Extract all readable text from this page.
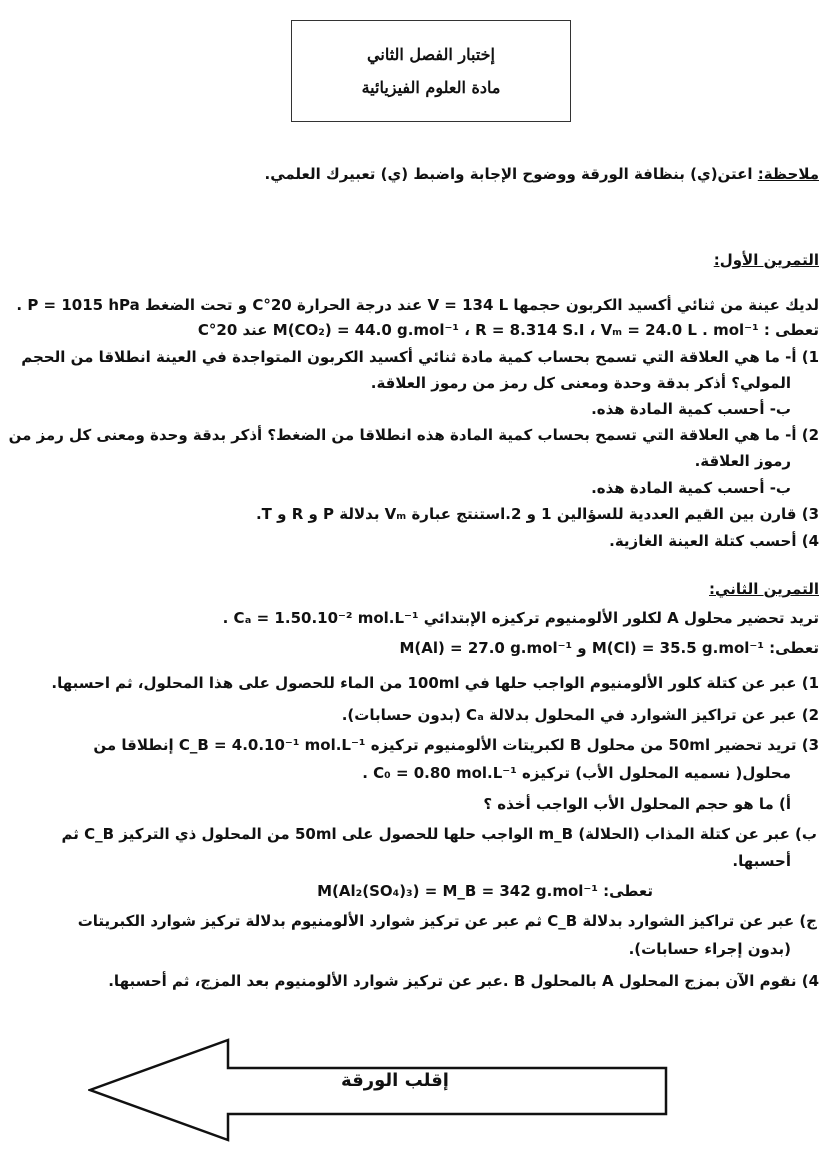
إختبار الفصل الثاني
مادة العلوم الفيزيائية
ملاحظة: اعتن(ي) بنظافة الورقة ووضوح الإجابة واضبط (ي) تعبيرك العلمي.
التمرين الأول:
لديك عينة من ثنائي أكسيد الكربون حجمها V = 134 L عند درجة الحرارة 20°C و تحت الضغط P = 1015 hPa .
تعطى : M(CO₂) = 44.0 g.mol⁻¹ ، R = 8.314 S.I ، Vₘ = 24.0 L . mol⁻¹ عند 20°C
1) أ- ما هي العلاقة التي تسمح بحساب كمية مادة ثنائي أكسيد الكربون المتواجدة في العينة انطلاقا من الحجم
المولي؟ أذكر بدقة وحدة ومعنى كل رمز من رموز العلاقة.
ب- أحسب كمية المادة هذه.
2) أ- ما هي العلاقة التي تسمح بحساب كمية المادة هذه انطلاقا من الضغط؟ أذكر بدقة وحدة ومعنى كل رمز من
رموز العلاقة.
ب- أحسب كمية المادة هذه.
3) قارن بين القيم العددية للسؤالين 1 و 2.استنتج عبارة Vₘ بدلالة P و R و T.
4) أحسب كتلة العينة الغازية.
التمرين الثاني:
تريد تحضير محلول A لكلور الألومنيوم تركيزه الإبتدائي Cₐ = 1.50.10⁻² mol.L⁻¹ .
تعطى: M(Cl) = 35.5 g.mol⁻¹ و M(Al) = 27.0 g.mol⁻¹
1) عبر عن كتلة كلور الألومنيوم الواجب حلها في 100ml من الماء للحصول على هذا المحلول، ثم احسبها.
2) عبر عن تراكيز الشوارد في المحلول بدلالة Cₐ (بدون حسابات).
3) تريد تحضير 50ml من محلول B لكبريتات الألومنيوم تركيزه C_B = 4.0.10⁻¹ mol.L⁻¹ إنطلاقا من
محلول( نسميه المحلول الأب) تركيزه C₀ = 0.80 mol.L⁻¹ .
أ) ما هو حجم المحلول الأب الواجب أخذه ؟
ب) عبر عن كتلة المذاب (الحلالة) m_B الواجب حلها للحصول على 50ml من المحلول ذي التركيز C_B ثم
أحسبها.
تعطى: M(Al₂(SO₄)₃) = M_B = 342 g.mol⁻¹
ج) عبر عن تراكيز الشوارد بدلالة C_B ثم عبر عن تركيز شوارد الألومنيوم بدلالة تركيز شوارد الكبريتات
(بدون إجراء حسابات).
4) نقوم الآن بمزج المحلول A بالمحلول B .عبر عن تركيز شوارد الألومنيوم بعد المزج، ثم أحسبها.
إقلب الورقة
